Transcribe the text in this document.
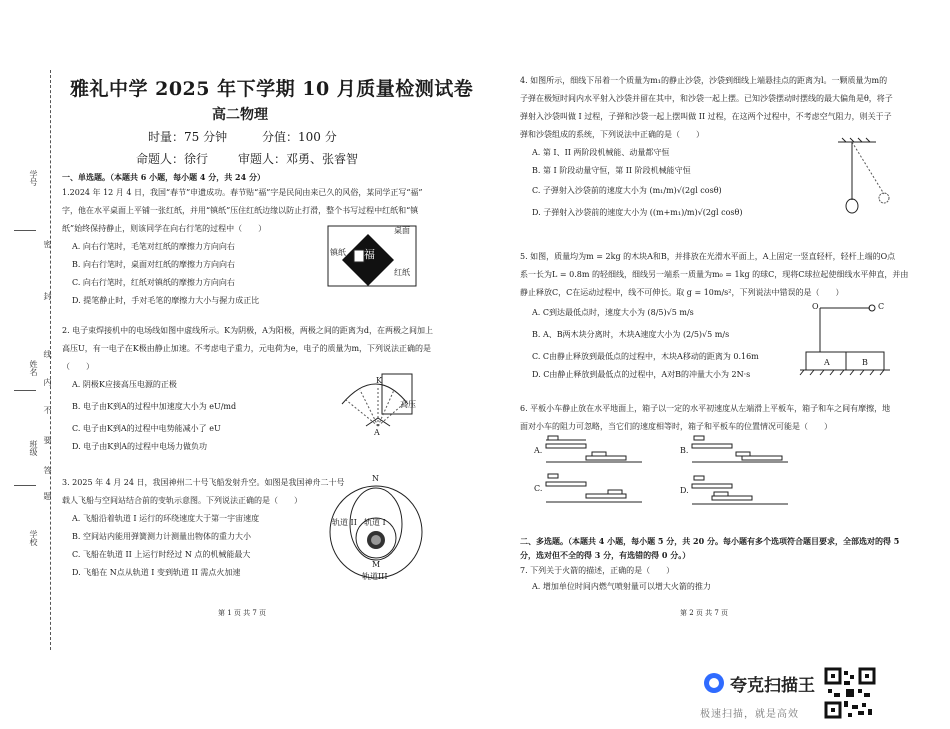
学号
姓名
班级
学校
密
封
线
内
不
要
答
题
雅礼中学 2025 年下学期 10 月质量检测试卷
高二物理
时量：75 分钟	分值：100 分
命题人：徐行 审题人：邓勇、张睿智
一、单选题。（本题共 6 小题，每小题 4 分，共 24 分）
1.2024 年 12 月 4 日，我国“春节”申遗成功。春节贴“福”字是民间由来已久的风俗，某同学正写“福”
字，他在水平桌面上平铺一张红纸，并用“镇纸”压住红纸边缘以防止打滑，整个书写过程中红纸和“镇
纸”始终保持静止，则该同学在向右行笔的过程中（　　）
A. 向右行笔时，毛笔对红纸的摩擦力方向向右
B. 向右行笔时，桌面对红纸的摩擦力方向向右
C. 向右行笔时，红纸对镇纸的摩擦力方向向右
D. 提笔静止时，手对毛笔的摩擦力大小与握力成正比
桌面
镇纸
红纸
福
2. 电子束焊接机中的电场线如图中虚线所示。K为阴极，A为阳极，两极之间的距离为d，在两极之间加上
高压U，有一电子在K极由静止加速。不考虑电子重力，元电荷为e，电子的质量为m，下列说法正确的是
（　　）
A. 阴极K应接高压电源的正极
B. 电子由K到A的过程中加速度大小为 eU/md
C. 电子由K到A的过程中电势能减小了 eU
D. 电子由K到A的过程中电场力做负功
K
A
高压
3. 2025 年 4 月 24 日，我国神州二十号飞船发射升空。如图是我国神舟二十号
载人飞船与空间站结合前的变轨示意图。下列说法正确的是（　　）
A. 飞船沿着轨道 I 运行的环绕速度大于第一宇宙速度
B. 空间站内能用弹簧测力计测量出物体的重力大小
C. 飞船在轨道 II 上运行时经过 N 点的机械能最大
D. 飞船在 N点从轨道 I 变到轨道 II 需点火加速
N
M
轨道 I
轨道 II
轨道III
第 1 页 共 7 页
4. 如图所示，细线下吊着一个质量为m₁的静止沙袋，沙袋到细线上端悬挂点的距离为l。一颗质量为m的
子弹在极短时间内水平射入沙袋并留在其中，和沙袋一起上摆。已知沙袋摆动时摆线的最大偏角是θ，将子
弹射入沙袋叫做 I 过程，子弹和沙袋一起上摆叫做 II 过程，在这两个过程中，不考虑空气阻力，则关于子
弹和沙袋组成的系统，下列说法中正确的是（　　）
A. 第 I、II 两阶段机械能、动量都守恒
B. 第 I 阶段动量守恒，第 II 阶段机械能守恒
C. 子弹射入沙袋前的速度大小为 (m₁/m)√(2gl cosθ)
D. 子弹射入沙袋前的速度大小为 ((m+m₁)/m)√(2gl cosθ)
5. 如图，质量均为m = 2kg 的木块A和B，并排放在光滑水平面上，A上固定一竖直轻杆，轻杆上端的O点
系一长为L = 0.8m 的轻细线，细线另一端系一质量为m₀ = 1kg 的球C，现将C球拉起使细线水平伸直，并由
静止释放C，C在运动过程中，线不可伸长。取 g = 10m/s²，下列说法中错误的是（　　）
A. C到达最低点时，速度大小为 (8/5)√5 m/s
B. A、B两木块分离时，木块A速度大小为 (2/5)√5 m/s
C. C由静止释放到最低点的过程中，木块A移动的距离为 0.16m
D. C由静止释放到最低点的过程中，A对B的冲量大小为 2N·s
O	C
A	B
6. 平板小车静止放在水平地面上，箱子以一定的水平初速度从左端滑上平板车，箱子和车之间有摩擦，地
面对小车的阻力可忽略，当它们的速度相等时，箱子和平板车的位置情况可能是（　　）
A.	B.
C.	D.
二、多选题。（本题共 4 小题，每小题 5 分，共 20 分。每小题有多个选项符合题目要求，全部选对的得 5
分，选对但不全的得 3 分，有选错的得 0 分。）
7. 下列关于火箭的描述，正确的是（　　）
A. 增加单位时间内燃气喷射量可以增大火箭的推力
第 2 页 共 7 页
夸克扫描王
极速扫描，就是高效
